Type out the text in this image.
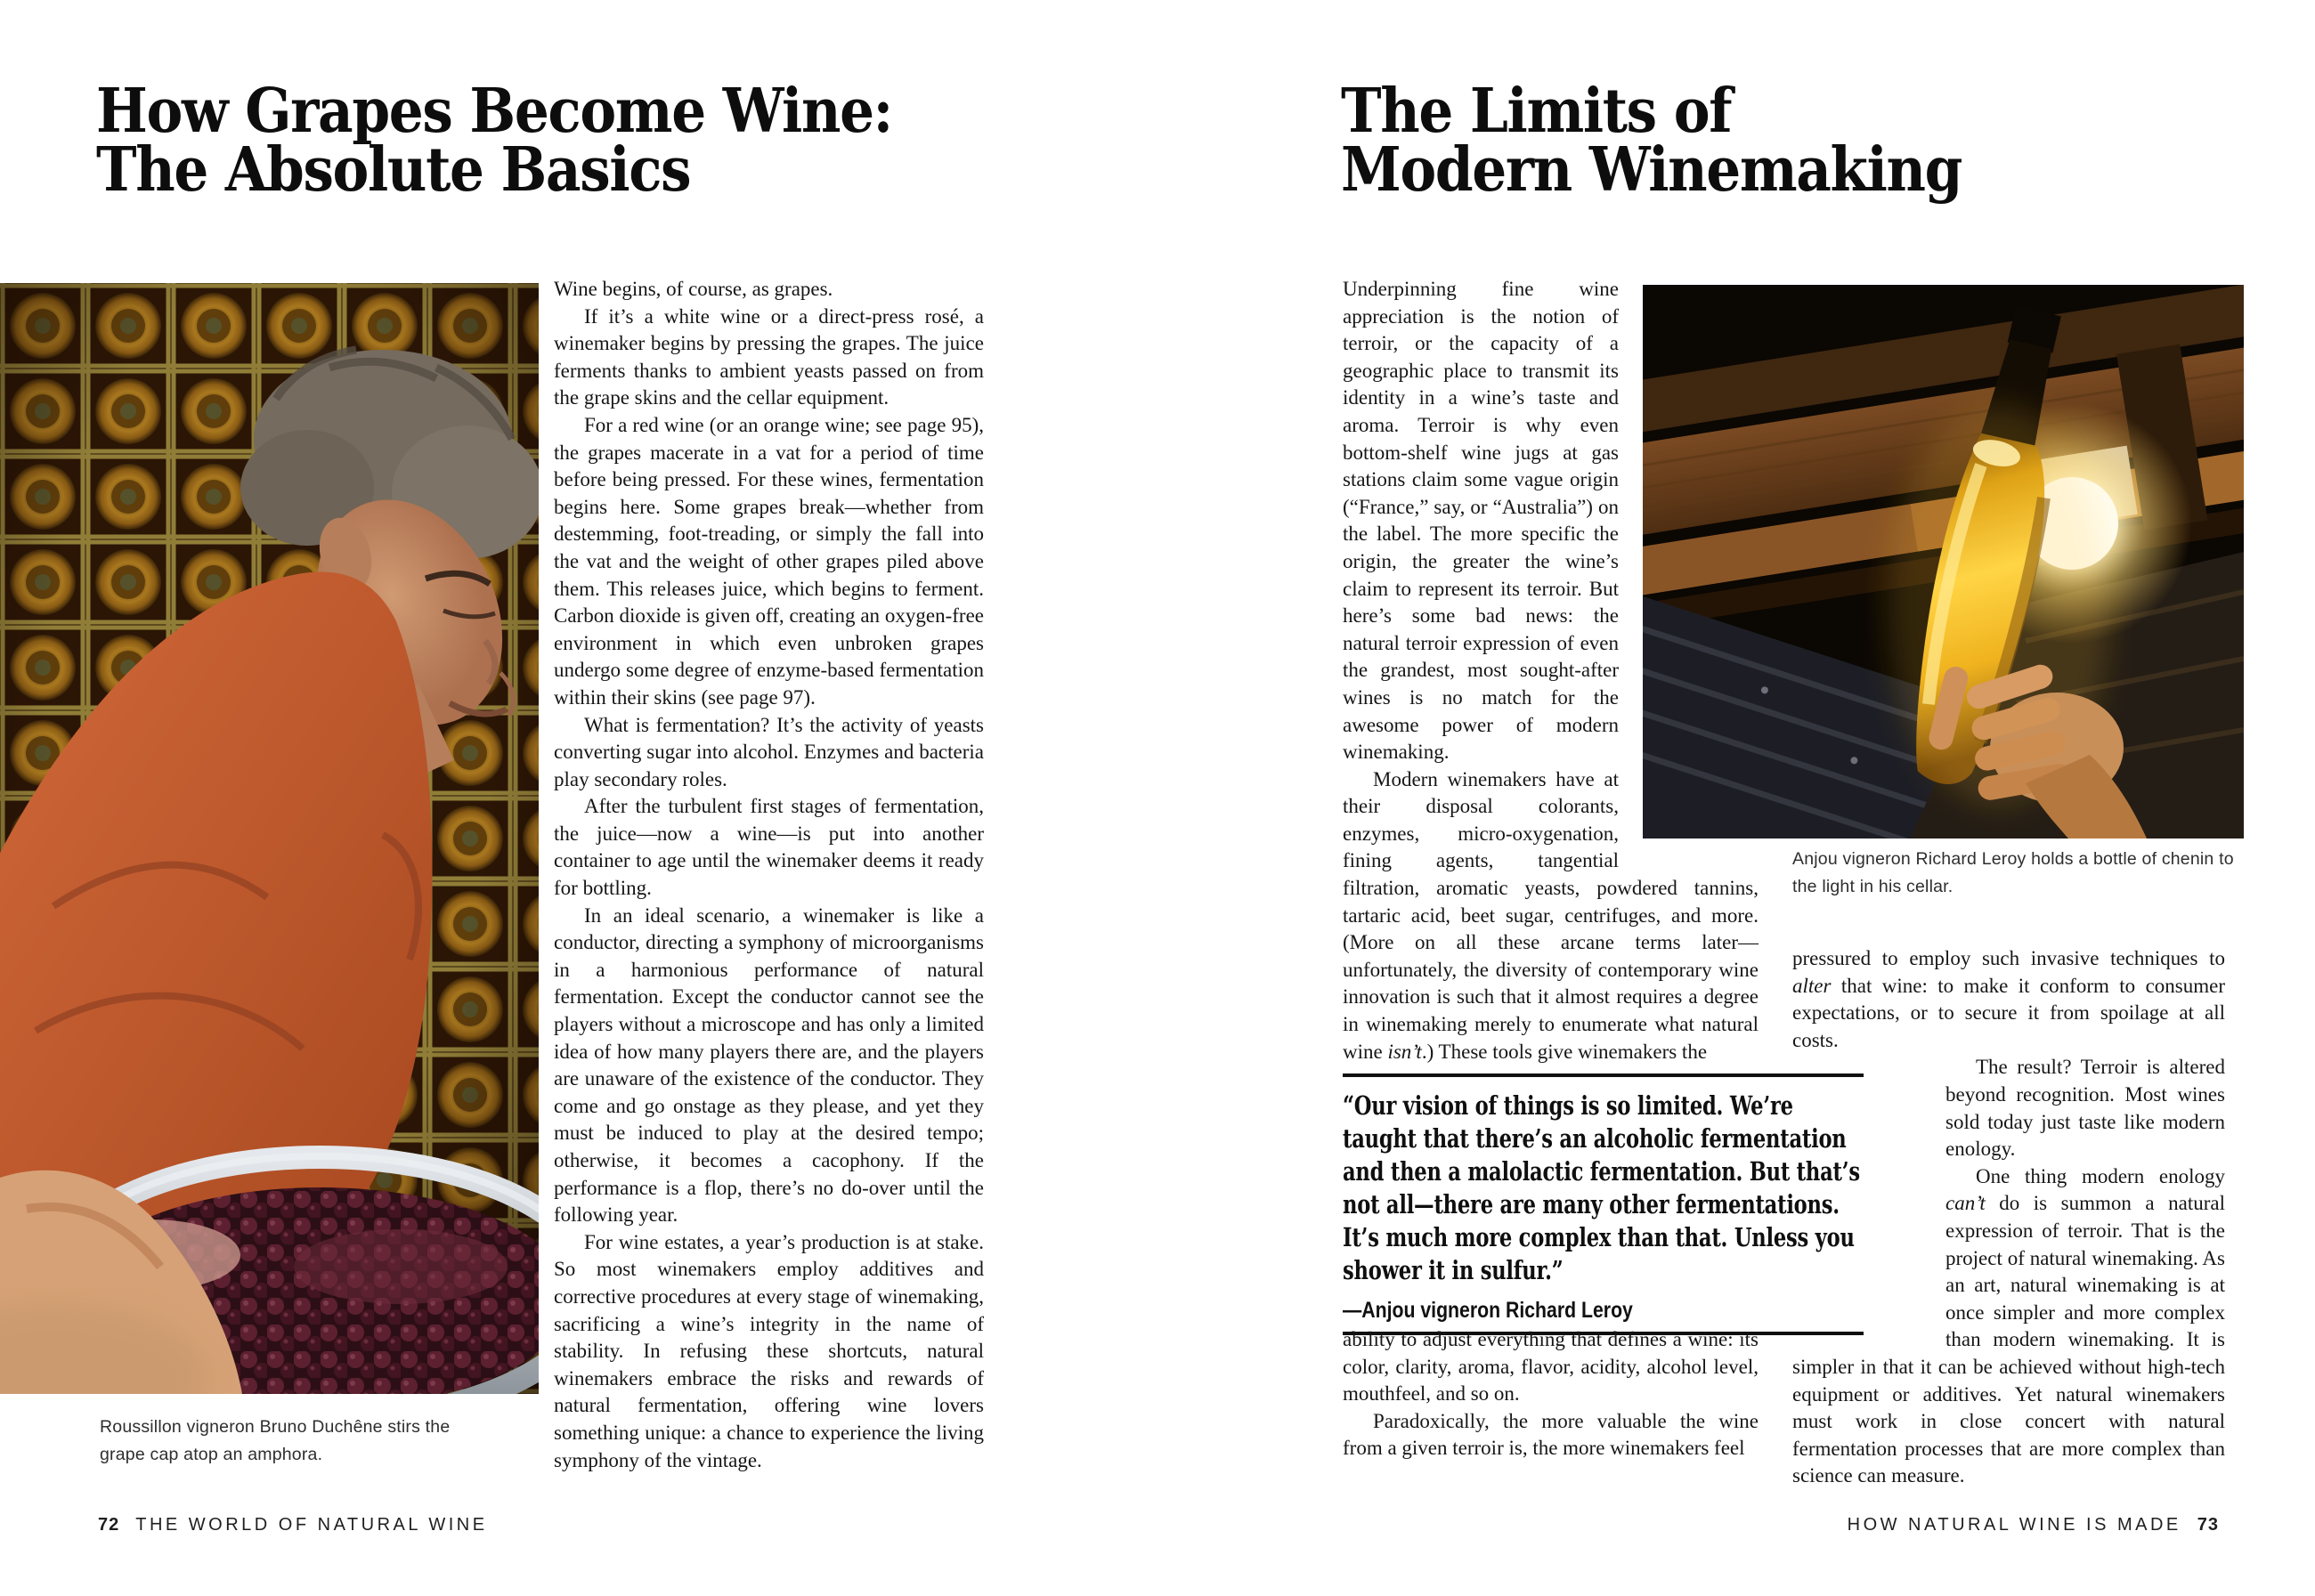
How Grapes Become Wine:
The Absolute Basics
Roussillon vigneron Bruno Duchêne stirs the grape cap atop an amphora.

Wine begins, of course, as grapes.

If it’s a white wine or a direct-press rosé, a winemaker begins by pressing the grapes. The juice ferments thanks to ambient yeasts passed on from the grape skins and the cellar equipment.

For a red wine (or an orange wine; see page 95), the grapes macerate in a vat for a period of time before being pressed. For these wines, fermentation begins here. Some grapes break—whether from destemming, foot-treading, or simply the fall into the vat and the weight of other grapes piled above them. This releases juice, which begins to ferment. Carbon dioxide is given off, creating an oxygen-free environment in which even unbroken grapes undergo some degree of enzyme-based fermentation within their skins (see page 97).

What is fermentation? It’s the activity of yeasts converting sugar into alcohol. Enzymes and bacteria play secondary roles.

After the turbulent first stages of fermentation, the juice—now a wine—is put into another container to age until the winemaker deems it ready for bottling.

In an ideal scenario, a winemaker is like a conductor, directing a symphony of microorganisms in a harmonious performance of natural fermentation. Except the conductor cannot see the players without a microscope and has only a limited idea of how many players there are, and the players are unaware of the existence of the conductor. They come and go onstage as they please, and yet they must be induced to play at the desired tempo; otherwise, it becomes a cacophony. If the performance is a flop, there’s no do-over until the following year.

For wine estates, a year’s production is at stake. So most winemakers employ additives and corrective procedures at every stage of winemaking, sacrificing a wine’s integrity in the name of stability. In refusing these shortcuts, natural winemakers embrace the risks and rewards of natural fermentation, offering wine lovers something unique: a chance to experience the living symphony of the vintage.

72 THE WORLD OF NATURAL WINE
The Limits of
Modern Winemaking

Underpinning fine wine appreciation is the notion of terroir, or the capacity of a geographic place to transmit its identity in a wine’s taste and aroma. Terroir is why even bottom-shelf wine jugs at gas stations claim some vague origin (“France,” say, or “Australia”) on the label. The more specific the origin, the greater the wine’s claim to represent its terroir. But here’s some bad news: the natural terroir expression of even the grandest, most sought-after wines is no match for the awesome power of modern winemaking.

Modern winemakers have at their disposal colorants, enzymes, micro-oxygenation, fining agents, tangential filtration, aromatic yeasts, powdered tannins, tartaric acid, beet sugar, centrifuges, and more. (More on all these arcane terms later—unfortunately, the diversity of contemporary wine innovation is such that it almost requires a degree in winemaking merely to enumerate what natural wine isn’t.) These tools give winemakers the

Anjou vigneron Richard Leroy holds a bottle of chenin to the light in his cellar.

pressured to employ such invasive techniques to alter that wine: to make it conform to consumer expectations, or to secure it from spoilage at all costs.

The result? Terroir is altered beyond recognition. Most wines sold today just taste like modern enology.

One thing modern enology can’t do is summon a natural expression of terroir. That is the project of natural winemaking. As an art, natural winemaking is at once simpler and more complex than modern winemaking. It is simpler in that it can be achieved without high-tech equipment or additives. Yet natural winemakers must work in close concert with natural fermentation processes that are more complex than science can measure.

“Our vision of things is so limited. We’re taught that there’s an alcoholic fermentation and then a malolactic fermentation. But that’s not all—there are many other fermentations. It’s much more complex than that. Unless you shower it in sulfur.”
—Anjou vigneron Richard Leroy

ability to adjust everything that defines a wine: its color, clarity, aroma, flavor, acidity, alcohol level, mouthfeel, and so on.

Paradoxically, the more valuable the wine from a given terroir is, the more winemakers feel

HOW NATURAL WINE IS MADE 73
